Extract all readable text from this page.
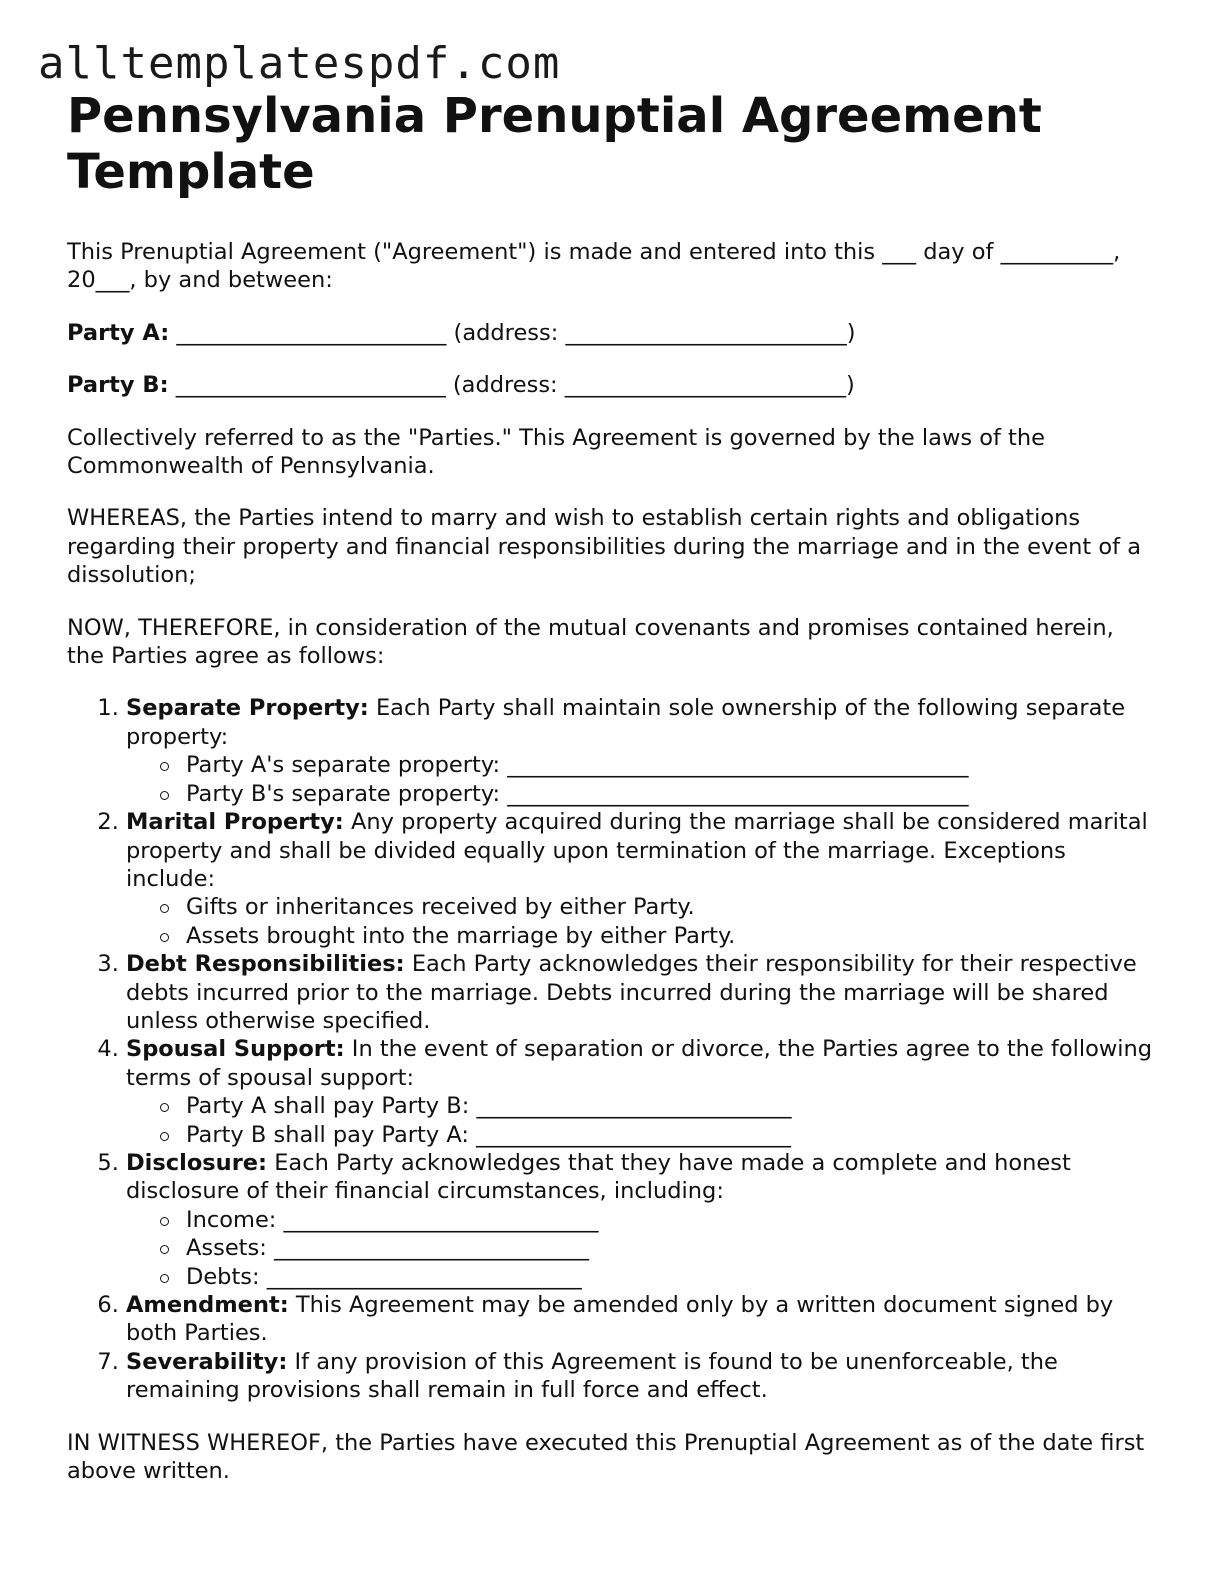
alltemplatespdf.com
Pennsylvania Prenuptial Agreement Template

This Prenuptial Agreement ("Agreement") is made and entered into this ___ day of __________, 20___, by and between:

Party A: ________________________ (address: _________________________)
Party B: ________________________ (address: _________________________)

Collectively referred to as the "Parties." This Agreement is governed by the laws of the Commonwealth of Pennsylvania.

WHEREAS, the Parties intend to marry and wish to establish certain rights and obligations regarding their property and financial responsibilities during the marriage and in the event of a dissolution;

NOW, THEREFORE, in consideration of the mutual covenants and promises contained herein, the Parties agree as follows:

1. Separate Property: Each Party shall maintain sole ownership of the following separate property:
Party A's separate property: _________________________________________
Party B's separate property: _________________________________________
2. Marital Property: Any property acquired during the marriage shall be considered marital property and shall be divided equally upon termination of the marriage. Exceptions include:
Gifts or inheritances received by either Party.
Assets brought into the marriage by either Party.
3. Debt Responsibilities: Each Party acknowledges their responsibility for their respective debts incurred prior to the marriage. Debts incurred during the marriage will be shared unless otherwise specified.
4. Spousal Support: In the event of separation or divorce, the Parties agree to the following terms of spousal support:
Party A shall pay Party B: ____________________________
Party B shall pay Party A: ____________________________
5. Disclosure: Each Party acknowledges that they have made a complete and honest disclosure of their financial circumstances, including:
Income: ____________________________
Assets: ____________________________
Debts: ____________________________
6. Amendment: This Agreement may be amended only by a written document signed by both Parties.
7. Severability: If any provision of this Agreement is found to be unenforceable, the remaining provisions shall remain in full force and effect.

IN WITNESS WHEREOF, the Parties have executed this Prenuptial Agreement as of the date first above written.
